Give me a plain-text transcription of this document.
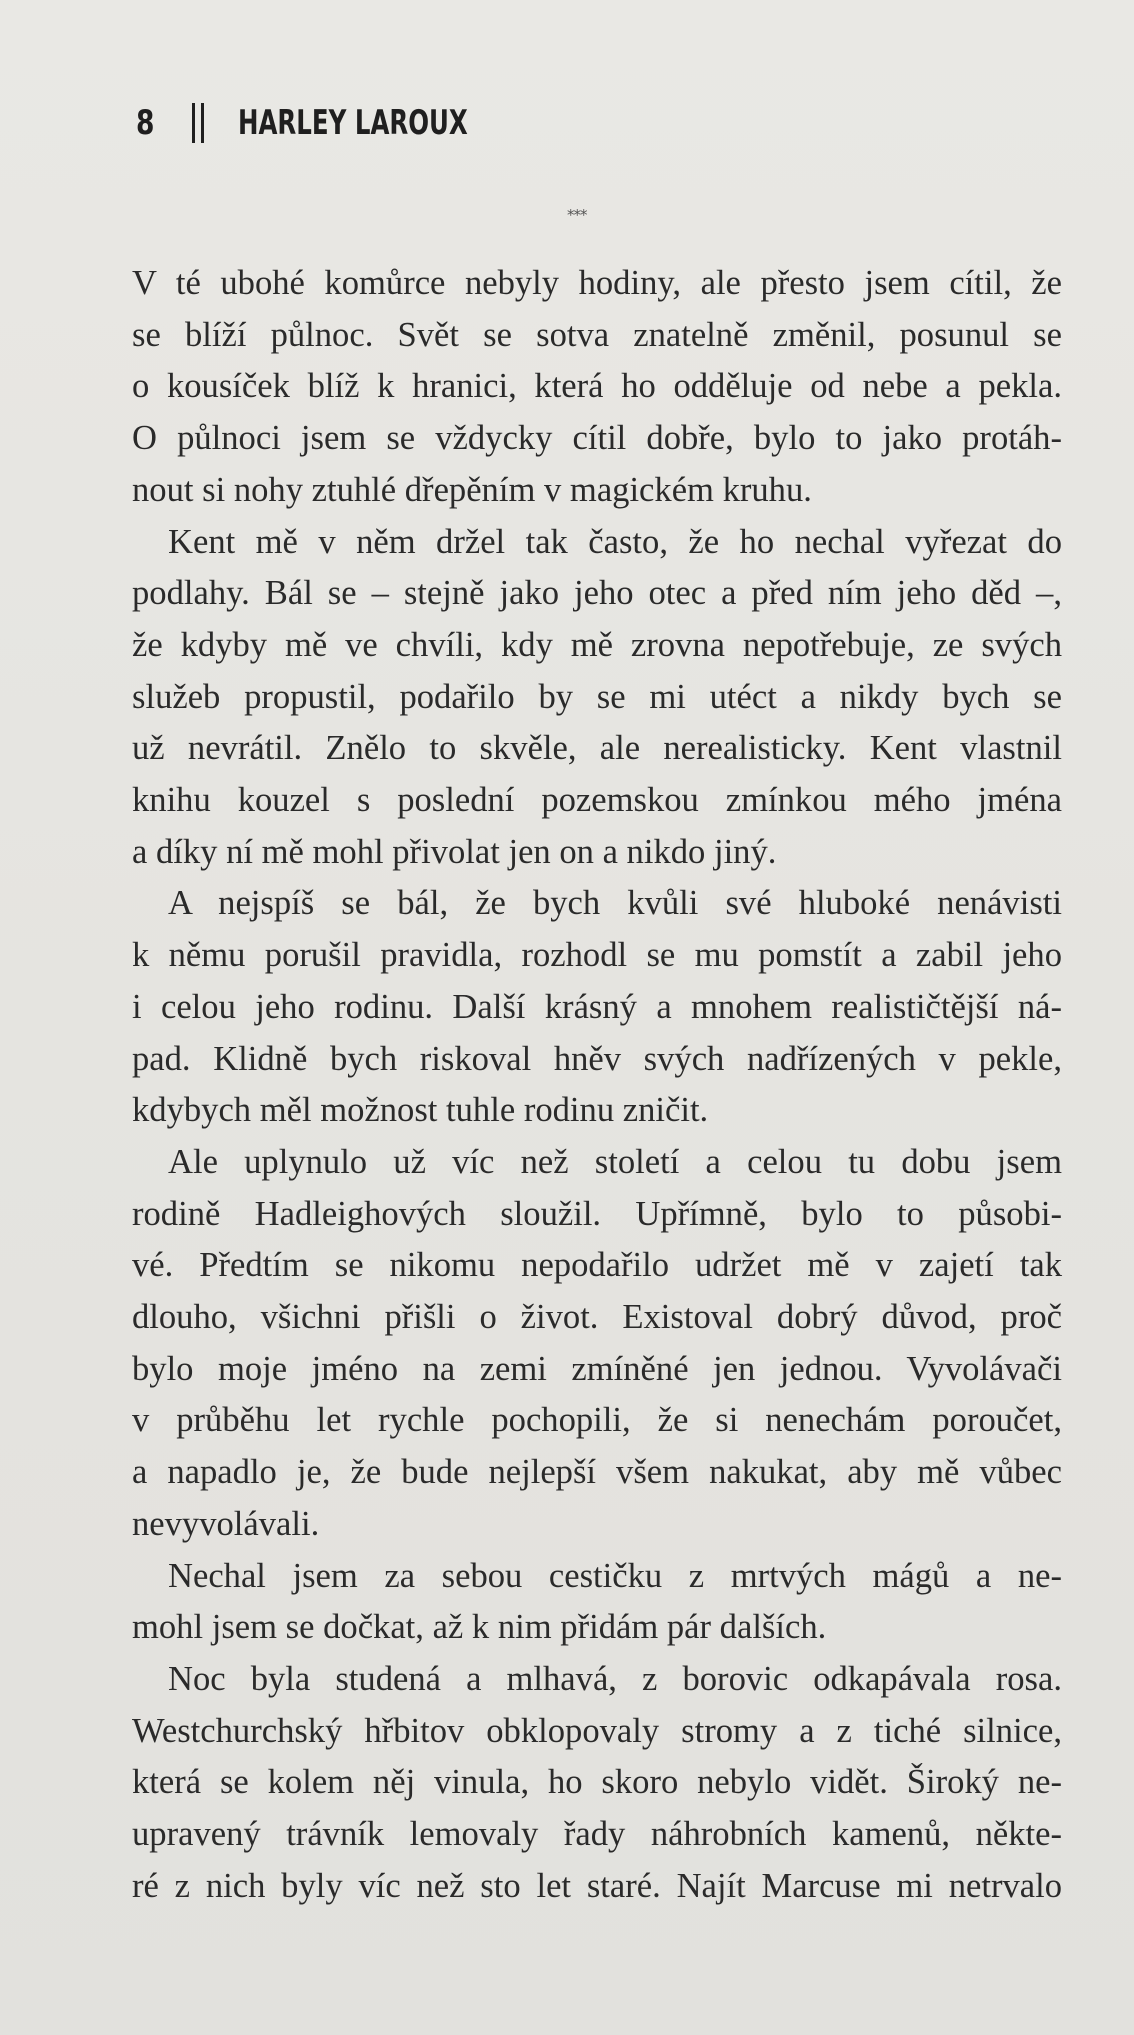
8 HARLEY LAROUX
***

V té ubohé komůrce nebyly hodiny, ale přesto jsem cítil, že

se blíží půlnoc. Svět se sotva znatelně změnil, posunul se

o kousíček blíž k hranici, která ho odděluje od nebe a pekla.

O půlnoci jsem se vždycky cítil dobře, bylo to jako protáh-

nout si nohy ztuhlé dřepěním v magickém kruhu.

Kent mě v něm držel tak často, že ho nechal vyřezat do

podlahy. Bál se – stejně jako jeho otec a před ním jeho děd –,

že kdyby mě ve chvíli, kdy mě zrovna nepotřebuje, ze svých

služeb propustil, podařilo by se mi utéct a nikdy bych se

už nevrátil. Znělo to skvěle, ale nerealisticky. Kent vlastnil

knihu kouzel s poslední pozemskou zmínkou mého jména

a díky ní mě mohl přivolat jen on a nikdo jiný.

A nejspíš se bál, že bych kvůli své hluboké nenávisti

k němu porušil pravidla, rozhodl se mu pomstít a zabil jeho

i celou jeho rodinu. Další krásný a mnohem realističtější ná-

pad. Klidně bych riskoval hněv svých nadřízených v pekle,

kdybych měl možnost tuhle rodinu zničit.

Ale uplynulo už víc než století a celou tu dobu jsem

rodině Hadleighových sloužil. Upřímně, bylo to působi-

vé. Předtím se nikomu nepodařilo udržet mě v zajetí tak

dlouho, všichni přišli o život. Existoval dobrý důvod, proč

bylo moje jméno na zemi zmíněné jen jednou. Vyvolávači

v průběhu let rychle pochopili, že si nenechám poroučet,

a napadlo je, že bude nejlepší všem nakukat, aby mě vůbec

nevyvolávali.

Nechal jsem za sebou cestičku z mrtvých mágů a ne-

mohl jsem se dočkat, až k nim přidám pár dalších.

Noc byla studená a mlhavá, z borovic odkapávala rosa.

Westchurchský hřbitov obklopovaly stromy a z tiché silnice,

která se kolem něj vinula, ho skoro nebylo vidět. Široký ne-

upravený trávník lemovaly řady náhrobních kamenů, někte-

ré z nich byly víc než sto let staré. Najít Marcuse mi netrvalo
